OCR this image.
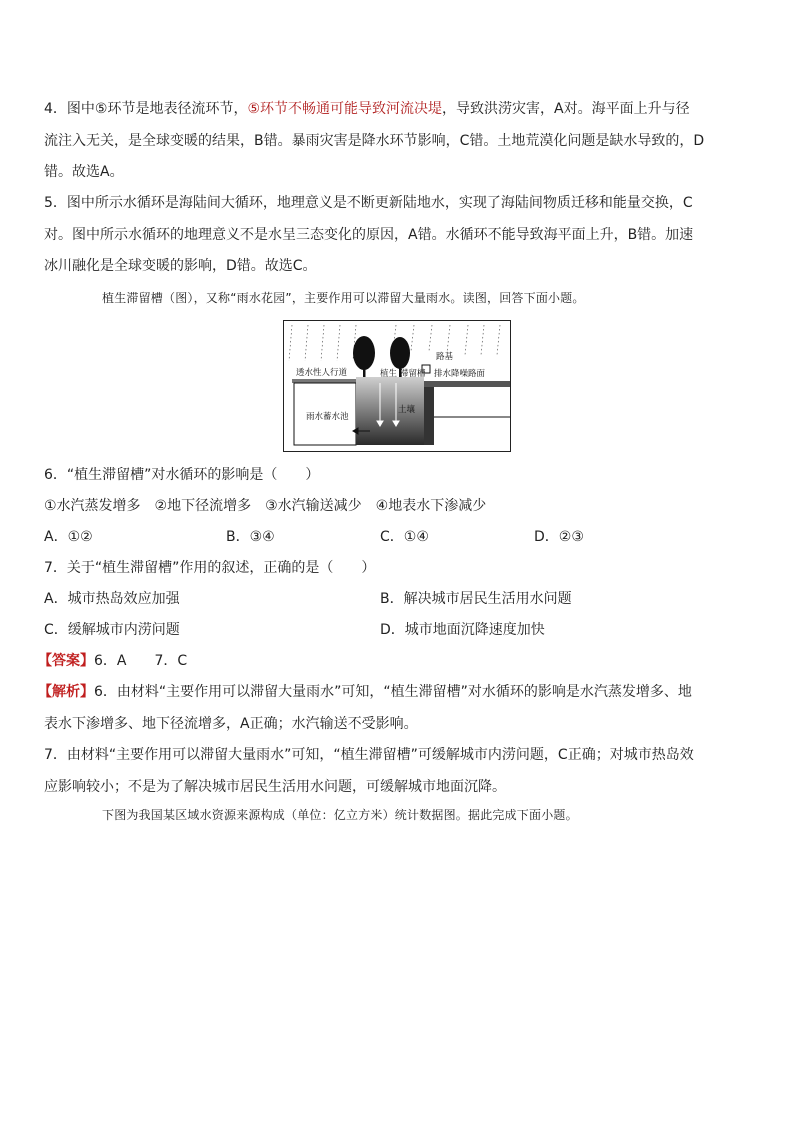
4．图中⑤环节是地表径流环节，⑤环节不畅通可能导致河流决堤，导致洪涝灾害，A对。海平面上升与径
流注入无关，是全球变暖的结果，B错。暴雨灾害是降水环节影响，C错。土地荒漠化问题是缺水导致的，D
错。故选A。
5．图中所示水循环是海陆间大循环，地理意义是不断更新陆地水，实现了海陆间物质迁移和能量交换，C
对。图中所示水循环的地理意义不是水呈三态变化的原因，A错。水循环不能导致海平面上升，B错。加速
冰川融化是全球变暖的影响，D错。故选C。
植生滞留槽（图），又称“雨水花园”，主要作用可以滞留大量雨水。读图，回答下面小题。
透水性人行道
路基
植生 滞留槽 排水降噪路面
雨水蓄水池
土壤
6．“植生滞留槽”对水循环的影响是（　　）
①水汽蒸发增多　②地下径流增多　③水汽输送减少　④地表水下渗减少
A．①②	B．③④	C．①④	D．②③
7．关于“植生滞留槽”作用的叙述，正确的是（　　）
A．城市热岛效应加强	B．解决城市居民生活用水问题
C．缓解城市内涝问题	D．城市地面沉降速度加快
【答案】6．A　　7．C
【解析】6．由材料“主要作用可以滞留大量雨水”可知，“植生滞留槽”对水循环的影响是水汽蒸发增多、地
表水下渗增多、地下径流增多，A正确；水汽输送不受影响。
7．由材料“主要作用可以滞留大量雨水”可知，“植生滞留槽”可缓解城市内涝问题，C正确；对城市热岛效
应影响较小；不是为了解决城市居民生活用水问题，可缓解城市地面沉降。
下图为我国某区域水资源来源构成（单位：亿立方米）统计数据图。据此完成下面小题。
